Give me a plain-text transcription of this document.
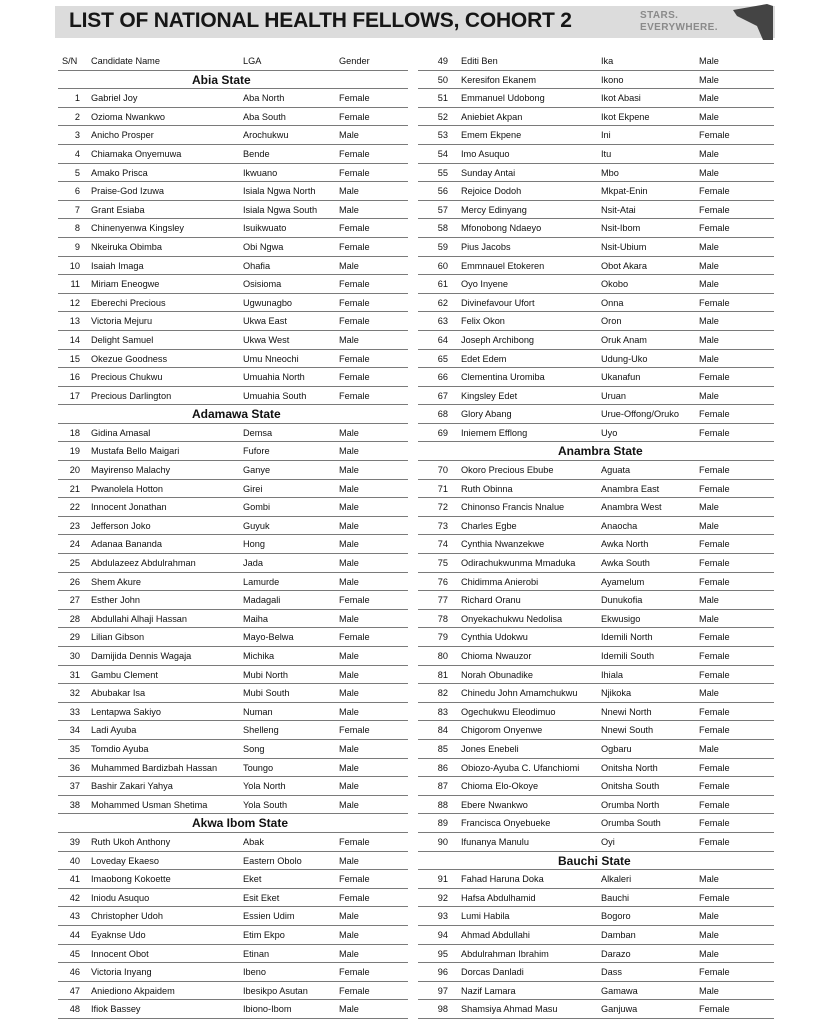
LIST OF NATIONAL HEALTH FELLOWS, COHORT 2	STARS.
EVERYWHERE.
S/N	Candidate Name	LGA	Gender
Abia State
1 Gabriel Joy	Aba North	Female
2 Ozioma Nwankwo	Aba South	Female
3 Anicho Prosper	Arochukwu	Male
4 Chiamaka Onyemuwa	Bende	Female
5 Amako Prisca	Ikwuano	Female
6 Praise-God Izuwa	Isiala Ngwa North	Male
7 Grant Esiaba	Isiala Ngwa South	Male
8 Chinenyenwa Kingsley	Isuikwuato	Female
9 Nkeiruka Obimba	Obi Ngwa	Female
10 Isaiah Imaga	Ohafia	Male
11 Miriam Eneogwe	Osisioma	Female
12 Eberechi Precious	Ugwunagbo	Female
13 Victoria Mejuru	Ukwa East	Female
14 Delight Samuel	Ukwa West	Male
15 Okezue Goodness	Umu Nneochi	Female
16 Precious Chukwu	Umuahia North	Female
17 Precious Darlington	Umuahia South	Female
Adamawa State
18 Gidina Amasal	Demsa	Male
19 Mustafa Bello Maigari	Fufore	Male
20 Mayirenso Malachy	Ganye	Male
21 Pwanolela Hotton	Girei	Male
22 Innocent Jonathan	Gombi	Male
23 Jefferson Joko	Guyuk	Male
24 Adanaa Bananda	Hong	Male
25 Abdulazeez Abdulrahman	Jada	Male
26 Shem Akure	Lamurde	Male
27 Esther John	Madagali	Female
28 Abdullahi Alhaji Hassan	Maiha	Male
29 Lilian Gibson	Mayo-Belwa	Female
30 Damijida Dennis Wagaja	Michika	Male
31 Gambu Clement	Mubi North	Male
32 Abubakar Isa	Mubi South	Male
33 Lentapwa Sakiyo	Numan	Male
34 Ladi Ayuba	Shelleng	Female
35 Tomdio Ayuba	Song	Male
36 Muhammed Bardizbah Hassan	Toungo	Male
37 Bashir Zakari Yahya	Yola North	Male
38 Mohammed Usman Shetima	Yola South	Male
Akwa Ibom State
39 Ruth Ukoh Anthony	Abak	Female
40 Loveday Ekaeso	Eastern Obolo	Male
41 Imaobong Kokoette	Eket	Female
42 Iniodu Asuquo	Esit Eket	Female
43 Christopher Udoh	Essien Udim	Male
44 Eyaknse Udo	Etim Ekpo	Male
45 Innocent Obot	Etinan	Male
46 Victoria Inyang	Ibeno	Female
47 Aniediono Akpaidem	Ibesikpo Asutan	Female
48 Ifiok Bassey	Ibiono-Ibom	Male
49 Editi Ben	Ika	Male
50 Keresifon Ekanem	Ikono	Male
51 Emmanuel Udobong	Ikot Abasi	Male
52 Aniebiet Akpan	Ikot Ekpene	Male
53 Emem Ekpene	Ini	Female
54 Imo Asuquo	Itu	Male
55 Sunday Antai	Mbo	Male
56 Rejoice Dodoh	Mkpat-Enin	Female
57 Mercy Edinyang	Nsit-Atai	Female
58 Mfonobong Ndaeyo	Nsit-Ibom	Female
59 Pius Jacobs	Nsit-Ubium	Male
60 Emmnauel Etokeren	Obot Akara	Male
61 Oyo Inyene	Okobo	Male
62 Divinefavour Ufort	Onna	Female
63 Felix Okon	Oron	Male
64 Joseph Archibong	Oruk Anam	Male
65 Edet Edem	Udung-Uko	Male
66 Clementina Uromiba	Ukanafun	Female
67 Kingsley Edet	Uruan	Male
68 Glory Abang	Urue-Offong/Oruko	Female
69 Iniemem Efflong	Uyo	Female
Anambra State
70 Okoro Precious Ebube	Aguata	Female
71 Ruth Obinna	Anambra East	Female
72 Chinonso Francis Nnalue	Anambra West	Male
73 Charles Egbe	Anaocha	Male
74 Cynthia Nwanzekwe	Awka North	Female
75 Odirachukwunma Mmaduka	Awka South	Female
76 Chidimma Anierobi	Ayamelum	Female
77 Richard Oranu	Dunukofia	Male
78 Onyekachukwu Nedolisa	Ekwusigo	Male
79 Cynthia Udokwu	Idemili North	Female
80 Chioma Nwauzor	Idemili South	Female
81 Norah Obunadike	Ihiala	Female
82 Chinedu John Amamchukwu	Njikoka	Male
83 Ogechukwu Eleodimuo	Nnewi North	Female
84 Chigorom Onyenwe	Nnewi South	Female
85 Jones Enebeli	Ogbaru	Male
86 Obiozo-Ayuba C. Ufanchiomi	Onitsha North	Female
87 Chioma Elo-Okoye	Onitsha South	Female
88 Ebere Nwankwo	Orumba North	Female
89 Francisca Onyebueke	Orumba South	Female
90 Ifunanya Manulu	Oyi	Female
Bauchi State
91 Fahad Haruna Doka	Alkaleri	Male
92 Hafsa Abdulhamid	Bauchi	Female
93 Lumi Habila	Bogoro	Male
94 Ahmad Abdullahi	Damban	Male
95 Abdulrahman Ibrahim	Darazo	Male
96 Dorcas Danladi	Dass	Female
97 Nazif Lamara	Gamawa	Male
98 Shamsiya Ahmad Masu	Ganjuwa	Female
